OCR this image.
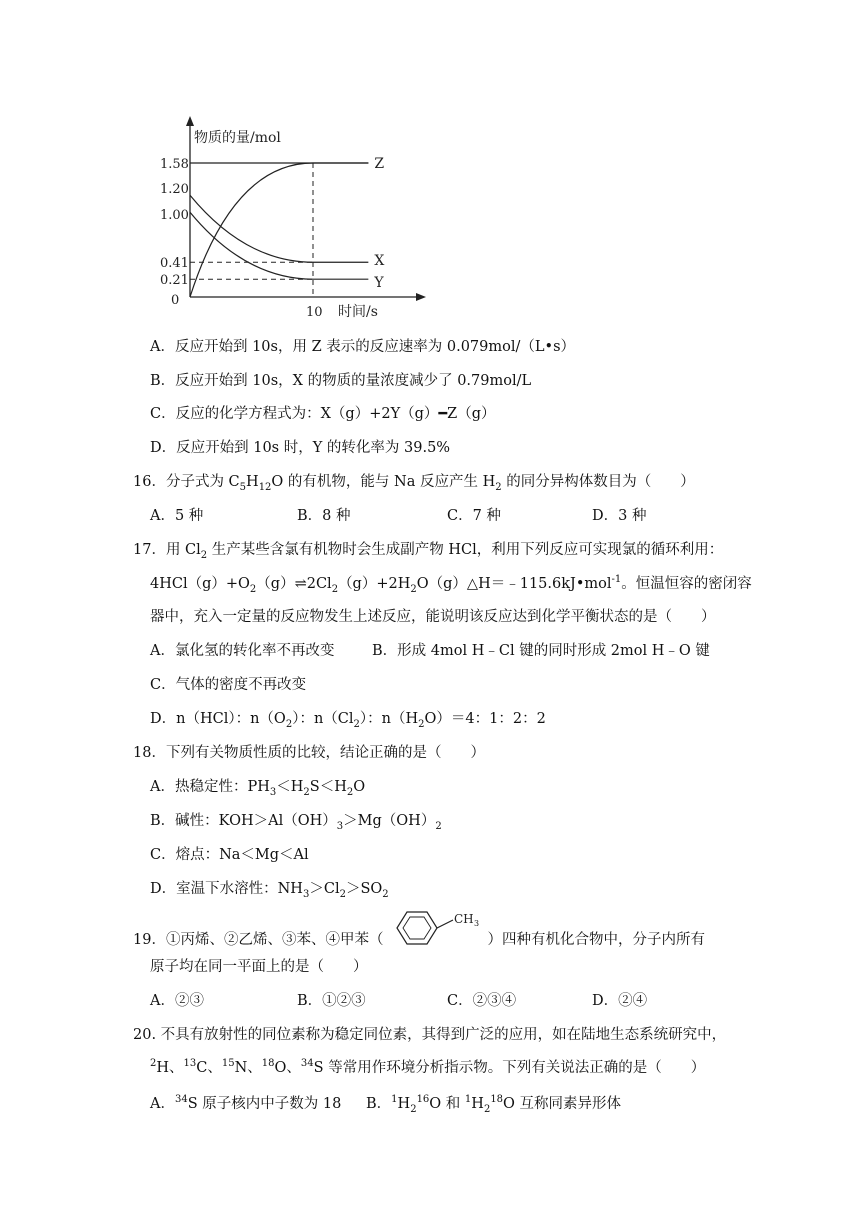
物质的量/mol
时间/s
1.58
1.20
1.00
0.41
0.21
0
10
Z
X
Y
A．反应开始到 10s，用 Z 表示的反应速率为 0.079mol/（L•s）
B．反应开始到 10s，X 的物质的量浓度减少了 0.79mol/L
C．反应的化学方程式为：X（g）+2Y（g）━Z（g）
D．反应开始到 10s 时，Y 的转化率为 39.5%
16．分子式为 $C_5H_{12}O$ 的有机物，能与 Na 反应产生 $H_2$ 的同分异构体数目为（　　）
A．5 种	B．8 种	C．7 种	D．3 种
17．用 $Cl_2$ 生产某些含氯有机物时会生成副产物 HCl，利用下列反应可实现氯的循环利用：
$4HCl(g)+O_2(g)\rightleftharpoons 2Cl_2(g)+2H_2O(g)\triangle H=﹣115.6kJ•mol^{-1}$。恒温恒容的密闭容
器中，充入一定量的反应物发生上述反应，能说明该反应达到化学平衡状态的是（　　）
A．氯化氢的转化率不再改变	B．形成 4mol H﹣Cl 键的同时形成 2mol H﹣O 键
C．气体的密度不再改变
D．n（HCl）：$n(O_2)$：$n(Cl_2)$：$n(H_2O)=4$：1：2：2
18．下列有关物质性质的比较，结论正确的是（　　）
A．热稳定性：$PH_3<H_2S<H_2O$
B．碱性：$KOH>Al(OH)_3>Mg(OH)_2$
C．熔点：Na＜Mg＜Al
D．室温下水溶性：$NH_3>Cl_2>SO_2$
19．①丙烯、②乙烯、③苯、④甲苯（
CH 3
）四种有机化合物中，分子内所有
原子均在同一平面上的是（　　）
A．②③	B．①②③	C．②③④	D．②④
20. 不具有放射性的同位素称为稳定同位素，其得到广泛的应用，如在陆地生态系统研究中，
$^2$H、$^{13}$C、$^{15}$N、$^{18}$O、$^{34}$S 等常用作环境分析指示物。下列有关说法正确的是（　　）
A．$^{34}$S 原子核内中子数为 18 B．$^1H_2^{16}O$ 和 $^1H_2^{18}O$ 互称同素异形体
